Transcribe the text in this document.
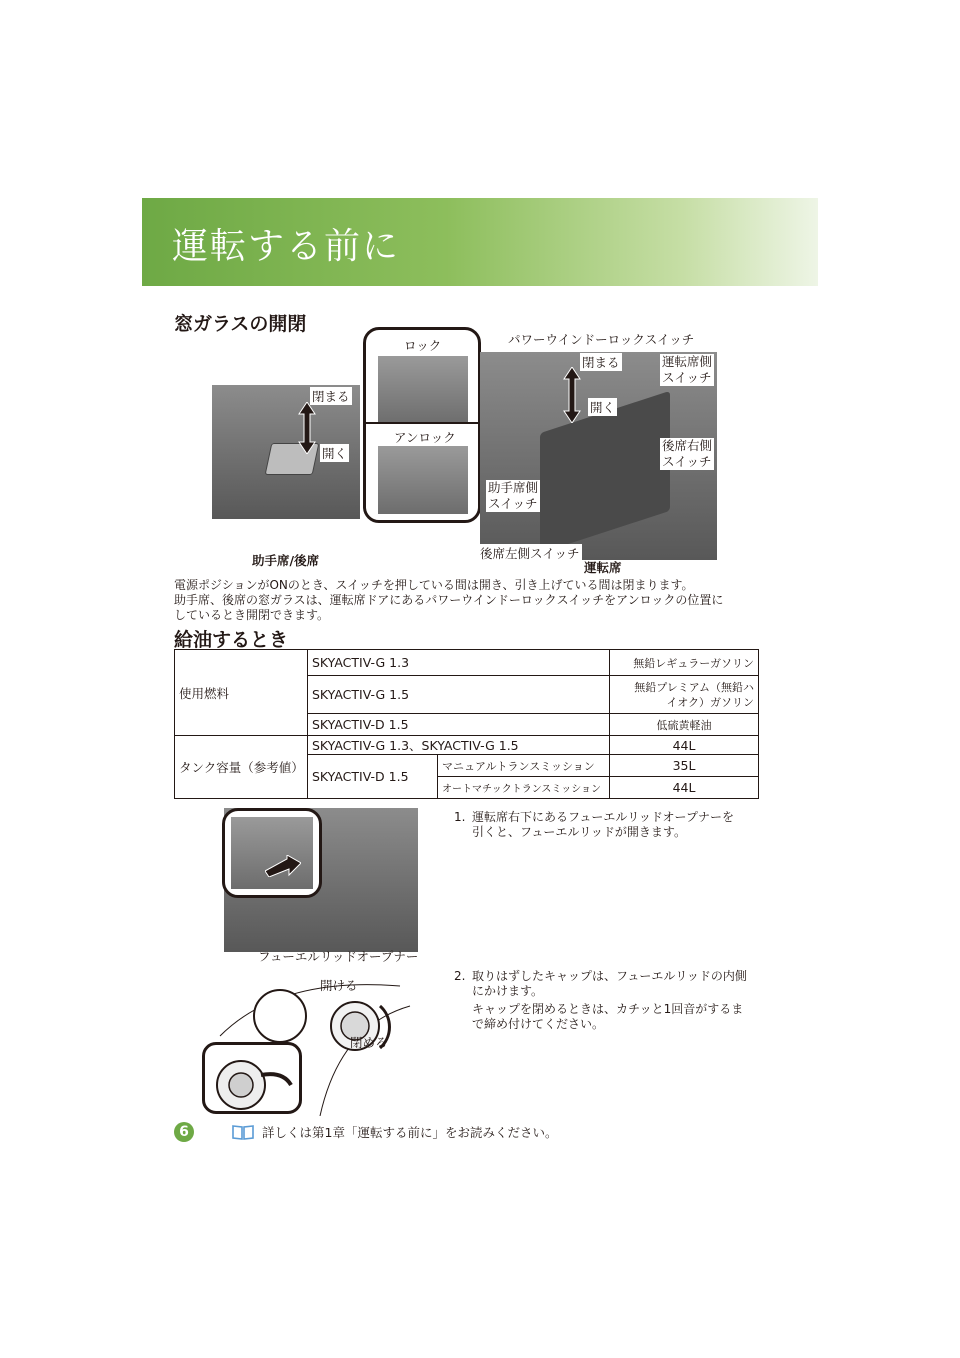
運転する前に
窓ガラスの開閉
閉まる
開く
ロック
アンロック
パワーウインドーロックスイッチ
閉まる
開く
運転席側
スイッチ
後席右側
スイッチ
助手席側
スイッチ
後席左側スイッチ
助手席/後席	運転席
電源ポジションがONのとき、スイッチを押している間は開き、引き上げている間は閉まります。
助手席、後席の窓ガラスは、運転席ドアにあるパワーウインドーロックスイッチをアンロックの位置に
しているとき開閉できます。
給油するとき
使用燃料	SKYACTIV-G 1.3		無鉛レギュラーガソリン
	SKYACTIV-G 1.5		無鉛プレミアム（無鉛ハ
イオク）ガソリン

	SKYACTIV-D 1.5		低硫黄軽油
タンク容量（参考値）	SKYACTIV-G 1.3、SKYACTIV-G 1.5		44L
	SKYACTIV-D 1.5	マニュアルトランスミッション	35L
		オートマチックトランスミッション	44L
フューエルリッドオープナー
開ける
閉める
1. 運転席右下にあるフューエルリッドオープナーを
引くと、フューエルリッドが開きます。
2. 取りはずしたキャップは、フューエルリッドの内側
にかけます。
キャップを閉めるときは、カチッと1回音がするま
で締め付けてください。
6	詳しくは第1章「運転する前に」をお読みください。
